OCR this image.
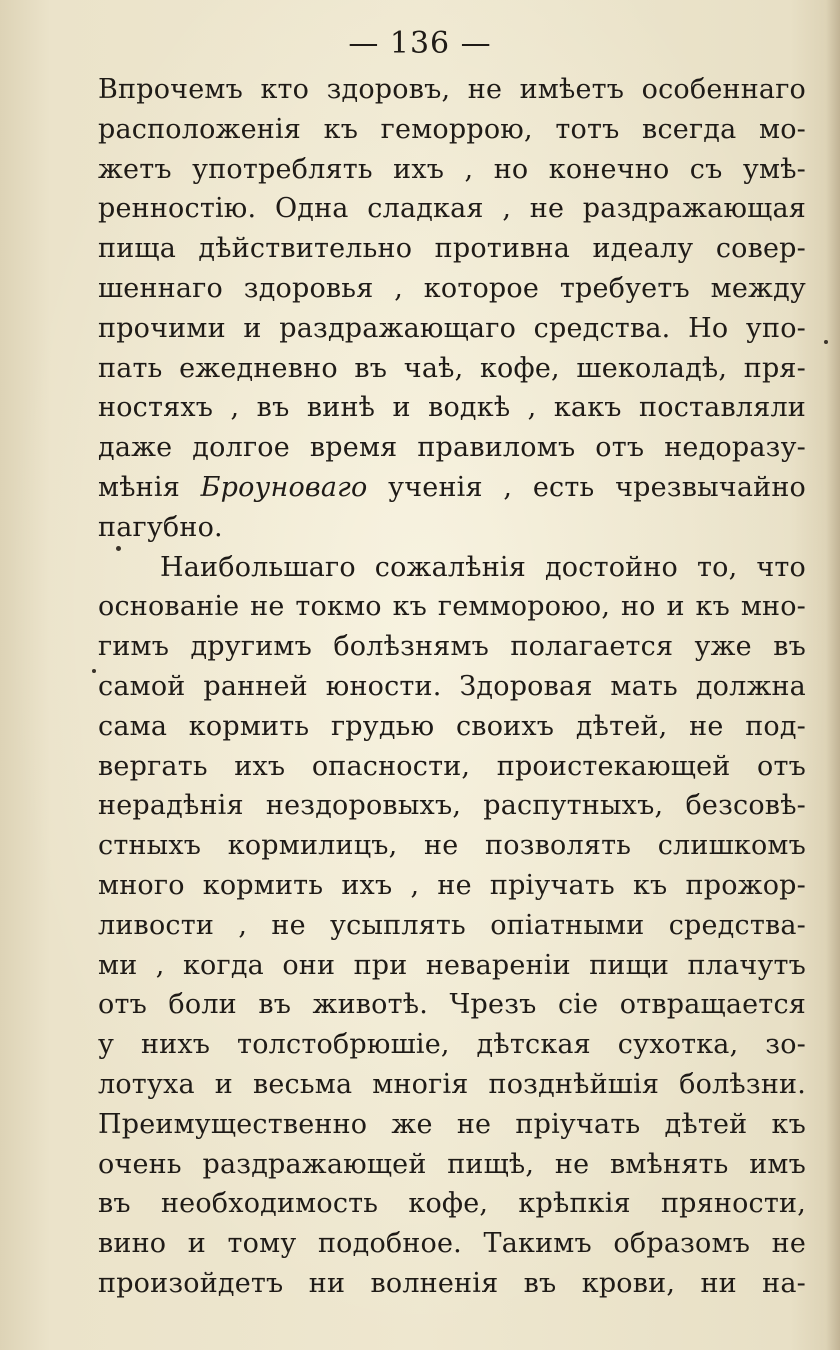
— 136 —
Впрочемъ кто здоровъ, не имѣетъ особеннаго
расположенія къ геморрою, тотъ всегда мо-
жетъ употреблять ихъ , но конечно съ умѣ-
ренностію. Одна сладкая , не раздражающая
пища дѣйствительно противна идеалу совер-
шеннаго здоровья , которое требуетъ между
прочими и раздражающаго средства. Но упо-
пать ежедневно въ чаѣ, кофе, шеколадѣ, пря-
ностяхъ , въ винѣ и водкѣ , какъ поставляли
даже долгое время правиломъ отъ недоразу-
мѣнія Броунoваго ученія , есть чрезвычайно
пагубно.
Наибольшаго сожалѣнія достойно то, что
основаніе не токмо къ геммороюо, но и къ мно-
гимъ другимъ болѣзнямъ полагается уже въ
самой ранней юности. Здоровая мать должна
сама кормить грудью своихъ дѣтей, не под-
вергать ихъ опасности, проистекающей отъ
нерадѣнія нездоровыхъ, распутныхъ, безсовѣ-
стныхъ кормилицъ, не позволять слишкомъ
много кормить ихъ , не пріучать къ прожор-
ливости , не усыплять опіатными средства-
ми , когда они при невареніи пищи плачутъ
отъ боли въ животѣ. Чрезъ сіе отвращается
у нихъ толстобрюшіе, дѣтская сухотка, зо-
лотуха и весьма многія позднѣйшія болѣзни.
Преимущественно же не пріучать дѣтей къ
очень раздражающей пищѣ, не вмѣнять имъ
въ необходимость кофе, крѣпкія пряности,
вино и тому подобное. Такимъ образомъ не
произойдетъ ни волненія въ крови, ни на-
